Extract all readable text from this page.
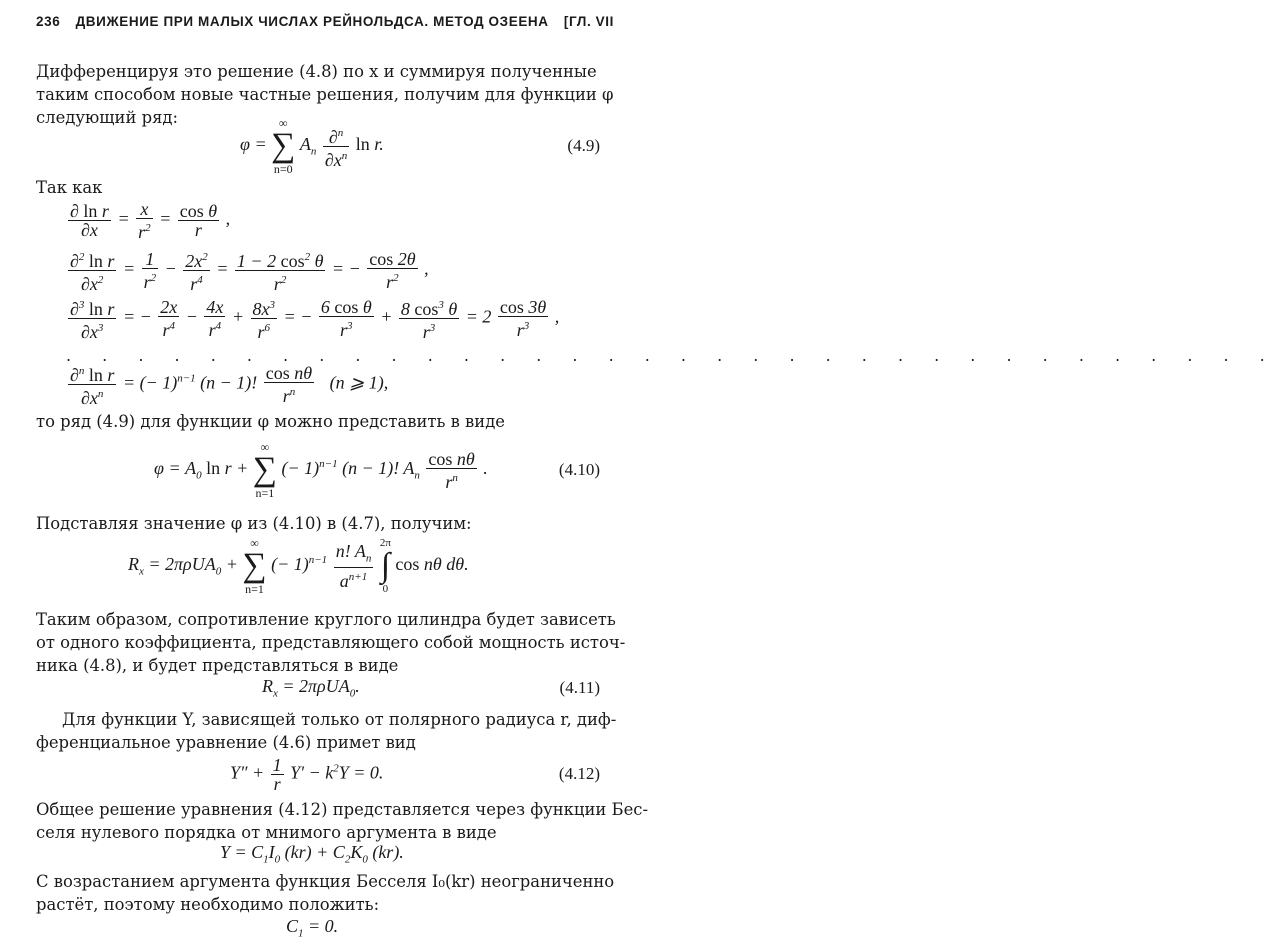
236 ДВИЖЕНИЕ ПРИ МАЛЫХ ЧИСЛАХ РЕЙНОЛЬДСА. МЕТОД ОЗЕЕНА [ГЛ. VII
Дифференцируя это решение (4.8) по x и суммируя полученные
таким способом новые частные решения, получим для функции φ
следующий ряд:
φ =
∞
∑
n=0
$A_n \frac{\partial^n}{\partial x^n}$ ln r.	(4.9)
Так как
$\frac{\text{∂ ln r}}{\partial x} = \frac{x}{r^2} = \frac{\text{cos θ}}{r}$ ,
$\frac{\partial^2 \ln r}{\partial x^2} = \frac{1}{r^2} - \frac{2x^2}{r^4} = \frac{1 - 2 \cos^2 \theta}{r^2}$ = − $\frac{\cos 2\theta}{r^2}$ ,
$\frac{\partial^3 \ln r}{\partial x^3}$ = − $\frac{2x}{r^4} - \frac{4x}{r^4} + \frac{8x^3}{r^6}$ = − $\frac{\text{6 cos θ}}{r^3} + \frac{8 \cos^3 \theta}{r^3} = 2 \frac{\cos 3\theta}{r^3}$ ,
. . . . . . . . . . . . . . . . . . . . . . . . . . . . . . . . . .
$\frac{\partial^n \ln r}{\partial x^n}$ = (− 1)$^{n-1}$ (n − 1)! $\frac{\text{cos nθ}}{r^n} (n$ ⩾ 1),
то ряд (4.9) для функции φ можно представить в виде
$\varphi = A_0$ ln r +
∞
∑
n=1
(− 1)$^{n-1}$ (n − 1)! $A_n \frac{\text{cos nθ}}{r^n}$ .	(4.10)
Подставляя значение φ из (4.10) в (4.7), получим:
$R_x = 2\pi\rho UA_0$ +
∞
∑
n=1
(− $1)^{n-1} \frac{n! A_n}{a^{n+1}}$
2π
∫
0
cos nθ dθ.
Таким образом, сопротивление круглого цилиндра будет зависеть
от одного коэффициента, представляющего собой мощность источ-
ника (4.8), и будет представляться в виде
$R_x = 2\pi\rho UA_0$.	(4.11)
Для функции Y, зависящей только от полярного радиуса r, диф-
ференциальное уравнение (4.6) примет вид
$Y'' + \frac{1}{r} Y' - k^2Y = 0$.	(4.12)
Общее решение уравнения (4.12) представляется через функции Бес-
селя нулевого порядка от мнимого аргумента в виде
$Y = C_1I_0$ $(kr) + C_2K_0$ (kr).
С возрастанием аргумента функция Бесселя I₀(kr) неограниченно
растёт, поэтому необходимо положить:
$C_1 = 0$.
